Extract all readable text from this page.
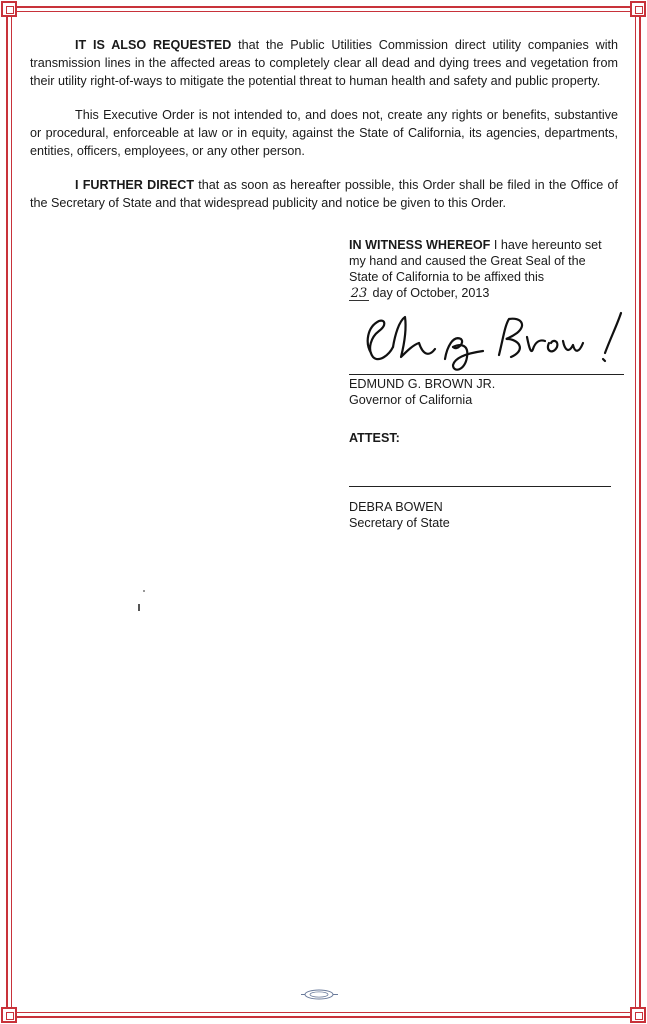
IT IS ALSO REQUESTED that the Public Utilities Commission direct utility companies with transmission lines in the affected areas to completely clear all dead and dying trees and vegetation from their utility right-of-ways to mitigate the potential threat to human health and safety and public property.

This Executive Order is not intended to, and does not, create any rights or benefits, substantive or procedural, enforceable at law or in equity, against the State of California, its agencies, departments, entities, officers, employees, or any other person.

I FURTHER DIRECT that as soon as hereafter possible, this Order shall be filed in the Office of the Secretary of State and that widespread publicity and notice be given to this Order.

IN WITNESS WHEREOF I have hereunto set my hand and caused the Great Seal of the State of California to be affixed this
23 day of October, 2013
EDMUND G. BROWN JR.
Governor of California
ATTEST:
DEBRA BOWEN
Secretary of State
